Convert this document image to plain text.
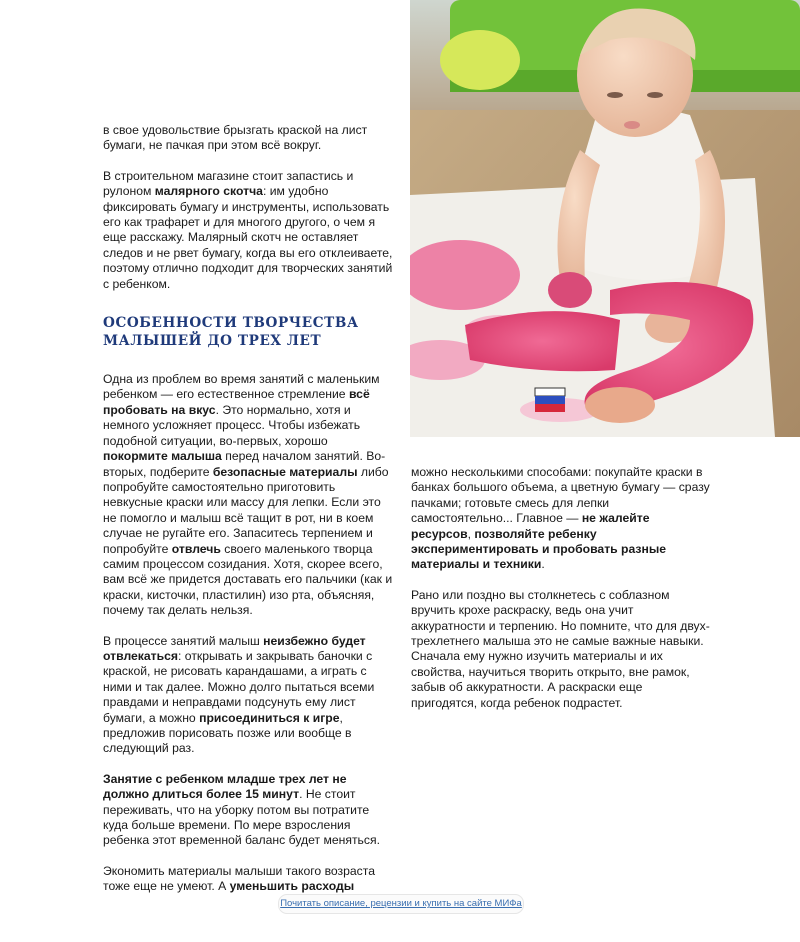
в свое удовольствие брызгать краской на лист бумаги, не пачкая при этом всё вокруг.

В строительном магазине стоит запастись и рулоном малярного скотча: им удобно фиксировать бумагу и инструменты, использовать его как трафарет и для многого другого, о чем я еще расскажу. Малярный скотч не оставляет следов и не рвет бумагу, когда вы его отклеиваете, поэтому отлично подходит для творческих занятий с ребенком.

ОСОБЕННОСТИ ТВОРЧЕСТВА
МАЛЫШЕЙ ДО ТРЕХ ЛЕТ

Одна из проблем во время занятий с маленьким ребенком — его естественное стремление всё пробовать на вкус. Это нормально, хотя и немного усложняет процесс. Чтобы избежать подобной ситуации, во-первых, хорошо покормите малыша перед началом занятий. Во-вторых, подберите безопасные материалы либо попробуйте самостоятельно приготовить невкусные краски или массу для лепки. Если это не помогло и малыш всё тащит в рот, ни в коем случае не ругайте его. Запаситесь терпением и попробуйте отвлечь своего маленького творца самим процессом созидания. Хотя, скорее всего, вам всё же придется доставать его пальчики (как и краски, кисточки, пластилин) изо рта, объясняя, почему так делать нельзя.

В процессе занятий малыш неизбежно будет отвлекаться: открывать и закрывать баночки с краской, не рисовать карандашами, а играть с ними и так далее. Можно долго пытаться всеми правдами и неправдами подсунуть ему лист бумаги, а можно присоединиться к игре, предложив порисовать позже или вообще в следующий раз.

Занятие с ребенком младше трех лет не должно длиться более 15 минут. Не стоит переживать, что на уборку потом вы потратите куда больше времени. По мере взросления ребенка этот временной баланс будет меняться.

Экономить материалы малыши такого возраста тоже еще не умеют. А уменьшить расходы

можно несколькими способами: покупайте краски в банках большого объема, а цветную бумагу — сразу пачками; готовьте смесь для лепки самостоятельно... Главное — не жалейте ресурсов, позволяйте ребенку экспериментировать и пробовать разные материалы и техники.

Рано или поздно вы столкнетесь с соблазном вручить крохе раскраску, ведь она учит аккуратности и терпению. Но помните, что для двух-трехлетнего малыша это не самые важные навыки. Сначала ему нужно изучить материалы и их свойства, научиться творить открыто, вне рамок, забыв об аккуратности. А раскраски еще пригодятся, когда ребенок подрастет.

Почитать описание, рецензии и купить на сайте МИФа
